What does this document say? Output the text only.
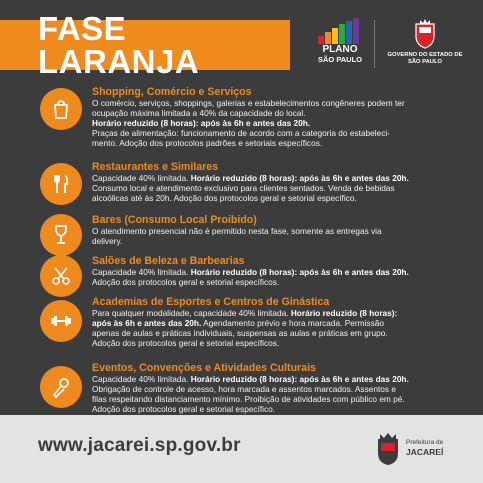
FASE LARANJA	PLANO
SÃO PAULO	GOVERNO DO ESTADO DE SÃO PAULO

Shopping, Comércio e Serviços

O comércio, serviços, shoppings, galerias e estabelecimentos congêneres podem ter
ocupação máxima limitada a 40% da capacidade do local.
Horário reduzido (8 horas): após às 6h e antes das 20h.
Praças de alimentação: funcionamento de acordo com a categoria do estabeleci-
mento. Adoção dos protocolos padrões e setoriais específicos.

Restaurantes e Similares

Capacidade 40% limitada. Horário reduzido (8 horas): após às 6h e antes das 20h.
Consumo local e atendimento exclusivo para clientes sentados. Venda de bebidas
alcoólicas até às 20h. Adoção dos protocolos geral e setorial específico.

Bares (Consumo Local Proibido)

O atendimento presencial não é permitido nesta fase, somente as entregas via
delivery.

Salões de Beleza e Barbearias

Capacidade 40% limitada. Horário reduzido (8 horas): após às 6h e antes das 20h.
Adoção dos protocolos geral e setorial específicos.

Academias de Esportes e Centros de Ginástica

Para qualquer modalidade, capacidade 40% limitada. Horário reduzido (8 horas):
após às 6h e antes das 20h. Agendamento prévio e hora marcada. Permissão
apenas de aulas e práticas individuais, suspensas as aulas e práticas em grupo.
Adoção dos protocolos geral e setorial específicos.

Eventos, Convenções e Atividades Culturais

Capacidade 40% limitada. Horário reduzido (8 horas): após às 6h e antes das 20h.
Obrigação de controle de acesso, hora marcada e assentos marcados. Assentos e
filas respeitando distanciamento mínimo. Proibição de atividades com público em pé.
Adoção dos protocolos geral e setorial específico.

www.jacarei.sp.gov.br	Prefeitura de
JACAREÍ
